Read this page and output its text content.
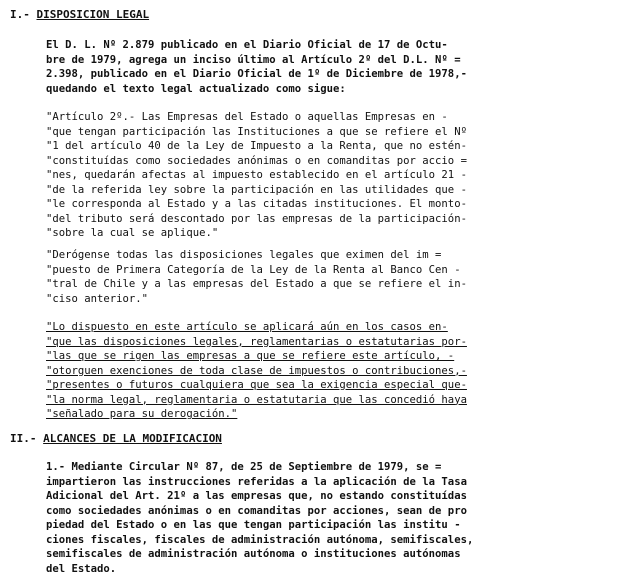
I.- DISPOSICION LEGAL
El D. L. Nº 2.879 publicado en el Diario Oficial de 17 de Octu-
bre de 1979, agrega un inciso último al Artículo 2º del D.L. Nº =
2.398, publicado en el Diario Oficial de 1º de Diciembre de 1978,-
quedando el texto legal actualizado como sigue:
"Artículo 2º.- Las Empresas del Estado o aquellas Empresas en -
"que tengan participación las Instituciones a que se refiere el Nº
"1 del artículo 40 de la Ley de Impuesto a la Renta, que no estén-
"constituídas como sociedades anónimas o en comanditas por accio =
"nes, quedarán afectas al impuesto establecido en el artículo 21 -
"de la referida ley sobre la participación en las utilidades que -
"le corresponda al Estado y a las citadas instituciones. El monto-
"del tributo será descontado por las empresas de la participación-
"sobre la cual se aplique."
"Derógense todas las disposiciones legales que eximen del im =
"puesto de Primera Categoría de la Ley de la Renta al Banco Cen -
"tral de Chile y a las empresas del Estado a que se refiere el in-
"ciso anterior."
"Lo dispuesto en este artículo se aplicará aún en los casos en-
"que las disposiciones legales, reglamentarias o estatutarias por-
"las que se rigen las empresas a que se refiere este artículo, -
"otorguen exenciones de toda clase de impuestos o contribuciones,-
"presentes o futuros cualquiera que sea la exigencia especial que-
"la norma legal, reglamentaria o estatutaria que las concedió haya
"señalado para su derogación."
II.- ALCANCES DE LA MODIFICACION
1.- Mediante Circular Nº 87, de 25 de Septiembre de 1979, se =
impartieron las instrucciones referidas a la aplicación de la Tasa
Adicional del Art. 21º a las empresas que, no estando constituídas
como sociedades anónimas o en comanditas por acciones, sean de pro
piedad del Estado o en las que tengan participación las institu -
ciones fiscales, fiscales de administración autónoma, semifiscales,
semifiscales de administración autónoma o instituciones autónomas
del Estado.
